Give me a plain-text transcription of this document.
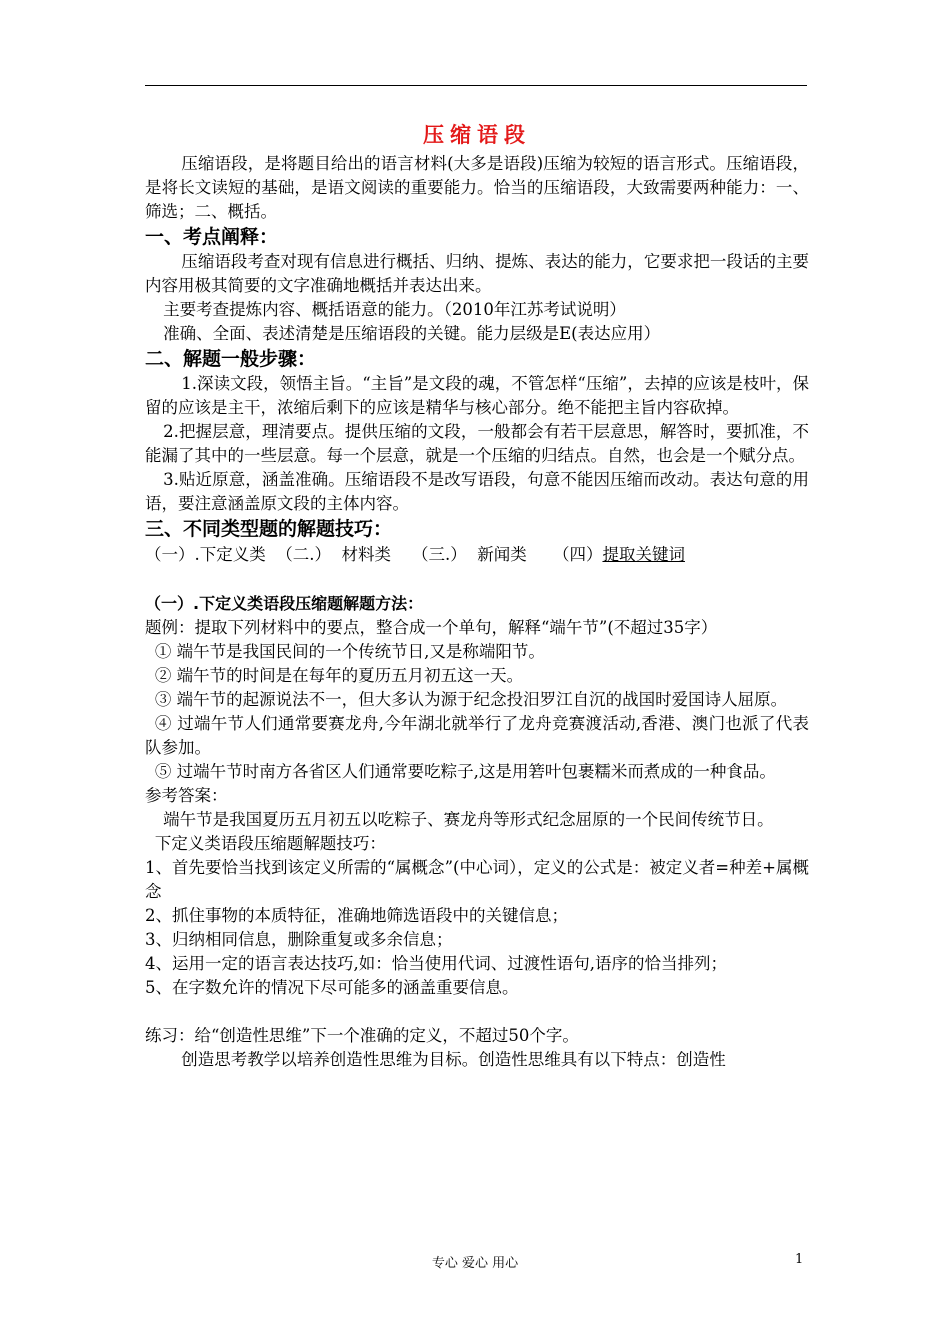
压缩语段

压缩语段，是将题目给出的语言材料(大多是语段)压缩为较短的语言形式。压缩语段，是将长文读短的基础，是语文阅读的重要能力。恰当的压缩语段，大致需要两种能力：一、筛选；二、概括。

一、考点阐释：

压缩语段考查对现有信息进行概括、归纳、提炼、表达的能力，它要求把一段话的主要内容用极其简要的文字准确地概括并表达出来。

主要考查提炼内容、概括语意的能力。（2010年江苏考试说明）

准确、全面、表述清楚是压缩语段的关键。能力层级是E(表达应用）

二、解题一般步骤：

1.深读文段，领悟主旨。“主旨”是文段的魂，不管怎样“压缩”，去掉的应该是枝叶，保留的应该是主干，浓缩后剩下的应该是精华与核心部分。绝不能把主旨内容砍掉。

2.把握层意，理清要点。提供压缩的文段，一般都会有若干层意思，解答时，要抓准，不能漏了其中的一些层意。每一个层意，就是一个压缩的归结点。自然，也会是一个赋分点。

3.贴近原意，涵盖准确。压缩语段不是改写语段，句意不能因压缩而改动。表达句意的用语，要注意涵盖原文段的主体内容。

三、不同类型题的解题技巧：

（一）.下定义类 （二.）  材料类 （三.）  新闻类 （四）提取关键词

（一）.下定义类语段压缩题解题方法：

题例：提取下列材料中的要点，整合成一个单句，解释“端午节”(不超过35字）

① 端午节是我国民间的一个传统节日,又是称端阳节。

② 端午节的时间是在每年的夏历五月初五这一天。

③ 端午节的起源说法不一，但大多认为源于纪念投汨罗江自沉的战国时爱国诗人屈原。

④ 过端午节人们通常要赛龙舟,今年湖北就举行了龙舟竞赛渡活动,香港、澳门也派了代表队参加。

⑤ 过端午节时南方各省区人们通常要吃粽子,这是用箬叶包裹糯米而煮成的一种食品。

参考答案：

端午节是我国夏历五月初五以吃粽子、赛龙舟等形式纪念屈原的一个民间传统节日。

下定义类语段压缩题解题技巧：

1、首先要恰当找到该定义所需的“属概念”(中心词），定义的公式是：被定义者=种差+属概念

2、抓住事物的本质特征，准确地筛选语段中的关键信息；

3、归纳相同信息，删除重复或多余信息；

4、运用一定的语言表达技巧,如：恰当使用代词、过渡性语句,语序的恰当排列；

5、在字数允许的情况下尽可能多的涵盖重要信息。

练习：给“创造性思维”下一个准确的定义，不超过50个字。

创造思考教学以培养创造性思维为目标。创造性思维具有以下特点：创造性

专心 爱心 用心	1
